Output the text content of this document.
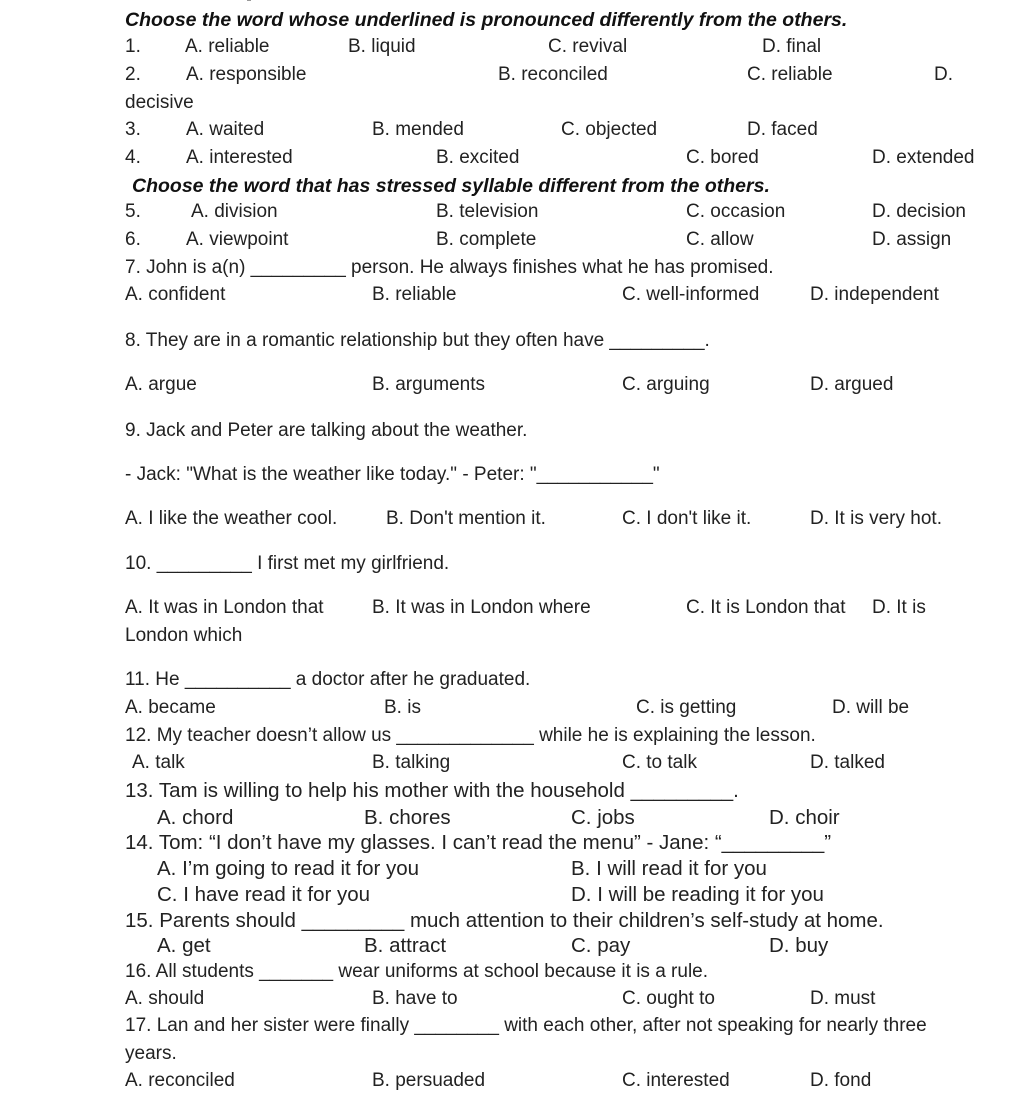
Choose the word whose underlined is pronounced differently from the others.
1. A. reliable	B. liquid	C. revival	D. final
2. A. responsible	B. reconciled	C. reliable	D.
decisive
3. A. waited	B. mended	C. objected	D. faced
4. A. interested	B. excited	C. bored	D. extended
Choose the word that has stressed syllable different from the others.
5.	A. division	B. television	C. occasion	D. decision
6. A. viewpoint	B. complete	C. allow	D. assign
7. John is a(n) _________ person. He always finishes what he has promised.
A. confident	B. reliable	C. well-informed	D. independent
8. They are in a romantic relationship but they often have _________.
A. argue	B. arguments	C. arguing	D. argued
9. Jack and Peter are talking about the weather.
- Jack: "What is the weather like today." - Peter: "___________"
A. I like the weather cool.	B. Don't mention it.	C. I don't like it.	D. It is very hot.
10. _________ I first met my girlfriend.
A. It was in London that	B. It was in London where	C. It is London that D. It is
London which
11. He __________ a doctor after he graduated.
A. became	B. is	C. is getting	D. will be
12. My teacher doesn’t allow us _____________ while he is explaining the lesson.
A. talk	B. talking	C. to talk	D. talked
13. Tam is willing to help his mother with the household _________.
A. chord	B. chores	C. jobs	D. choir
14. Tom: “I don’t have my glasses. I can’t read the menu” - Jane: “_________”
A. I’m going to read it for you	B. I will read it for you
C. I have read it for you	D. I will be reading it for you
15. Parents should _________ much attention to their children’s self-study at home.
A. get	B. attract	C. pay	D. buy
16. All students _______ wear uniforms at school because it is a rule.
A. should	B. have to	C. ought to	D. must
17. Lan and her sister were finally ________ with each other, after not speaking for nearly three
years.
A. reconciled	B. persuaded	C. interested	D. fond
